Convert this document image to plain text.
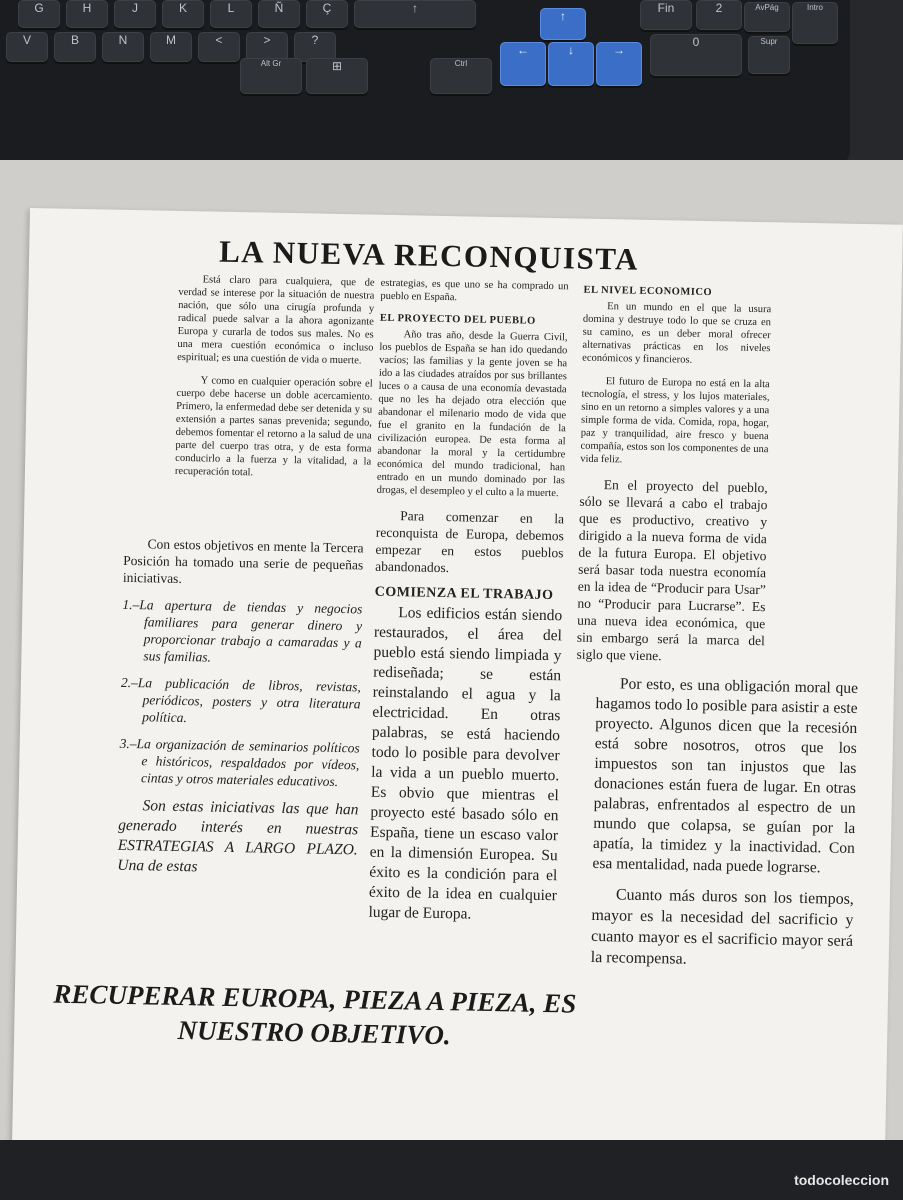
G	H	J	K	L	Ñ	Ç	↑	Fin
↑
2	AvPág	Intro
V	B	N	M	<	>	?
←	↓	→
0	Supr
Alt Gr	⊞	Ctrl
LA NUEVA RECONQUISTA

Está claro para cualquiera, que de verdad se interese por la situación de nuestra nación, que sólo una cirugía profunda y radical puede salvar a la ahora agonizante Europa y curarla de todos sus males. No es una mera cuestión económica o incluso espiritual; es una cuestión de vida o muerte.

Y como en cualquier operación sobre el cuerpo debe hacerse un doble acercamiento. Primero, la enfermedad debe ser detenida y su extensión a partes sanas prevenida; segundo, debemos fomentar el retorno a la salud de una parte del cuerpo tras otra, y de esta forma conducirlo a la fuerza y la vitalidad, a la recuperación total.

Con estos objetivos en mente la Tercera Posición ha tomado una serie de pequeñas iniciativas.

1.–La apertura de tiendas y negocios familiares para generar dinero y proporcionar trabajo a camaradas y a sus familias.

2.–La publicación de libros, revistas, periódicos, posters y otra literatura política.

3.–La organización de seminarios políticos e históricos, respaldados por vídeos, cintas y otros materiales educativos.

Son estas iniciativas las que han generado interés en nuestras ESTRATEGIAS A LARGO PLAZO. Una de estas

estrategias, es que uno se ha comprado un pueblo en España.

EL PROYECTO DEL PUEBLO

Año tras año, desde la Guerra Civil, los pueblos de España se han ido quedando vacíos; las familias y la gente joven se ha ido a las ciudades atraídos por sus brillantes luces o a causa de una economía devastada que no les ha dejado otra elección que abandonar el milenario modo de vida que fue el granito en la fundación de la civilización europea. De esta forma al abandonar la moral y la certidumbre económica del mundo tradicional, han entrado en un mundo dominado por las drogas, el desempleo y el culto a la muerte.

Para comenzar en la reconquista de Europa, debemos empezar en estos pueblos abandonados.

COMIENZA EL TRABAJO

Los edificios están siendo restaurados, el área del pueblo está siendo limpiada y rediseñada; se están reinstalando el agua y la electricidad. En otras palabras, se está haciendo todo lo posible para devolver la vida a un pueblo muerto. Es obvio que mientras el proyecto esté basado sólo en España, tiene un escaso valor en la dimensión Europea. Su éxito es la condición para el éxito de la idea en cualquier lugar de Europa.

EL NIVEL ECONOMICO

En un mundo en el que la usura domina y destruye todo lo que se cruza en su camino, es un deber moral ofrecer alternativas prácticas en los niveles económicos y financieros.

El futuro de Europa no está en la alta tecnología, el stress, y los lujos materiales, sino en un retorno a simples valores y a una simple forma de vida. Comida, ropa, hogar, paz y tranquilidad, aire fresco y buena compañía, estos son los componentes de una vida feliz.

En el proyecto del pueblo, sólo se llevará a cabo el trabajo que es productivo, creativo y dirigido a la nueva forma de vida de la futura Europa. El objetivo será basar toda nuestra economía en la idea de “Producir para Usar” no “Producir para Lucrarse”. Es una nueva idea económica, que sin embargo será la marca del siglo que viene.

Por esto, es una obligación moral que hagamos todo lo posible para asistir a este proyecto. Algunos dicen que la recesión está sobre nosotros, otros que los impuestos son tan injustos que las donaciones están fuera de lugar. En otras palabras, enfrentados al espectro de un mundo que colapsa, se guían por la apatía, la timidez y la inactividad. Con esa mentalidad, nada puede lograrse.

Cuanto más duros son los tiempos, mayor es la necesidad del sacrificio y cuanto mayor es el sacrificio mayor será la recompensa.

RECUPERAR EUROPA, PIEZA A PIEZA, ES NUESTRO OBJETIVO.
todocoleccion
